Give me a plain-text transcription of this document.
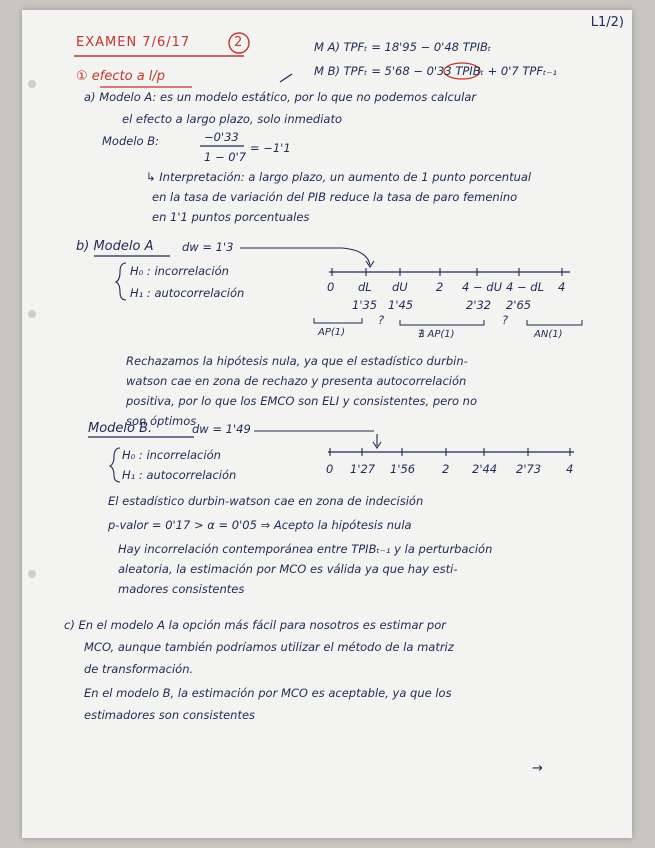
L1/2)
EXAMEN 7/6/17	2	M A) TPFₜ = 18'95 − 0'48 TPIBₜ
M B) TPFₜ = 5'68 − 0'33 TPIBₜ + 0'7 TPFₜ₋₁
① efecto a l/p
a) Modelo A: es un modelo estático, por lo que no podemos calcular
el efecto a largo plazo, solo inmediato
Modelo B:	−0'33
1 − 0'7
= −1'1
↳ Interpretación: a largo plazo, un aumento de 1 punto porcentual
en la tasa de variación del PIB reduce la tasa de paro femenino
en 1'1 puntos porcentuales
b) Modelo A dw = 1'3
H₀ : incorrelación
H₁ : autocorrelación	0 dL dU 2 4 − dU 4 − dL 4
1'35 1'45	2'32 2'65
AP(1)
?
∄ AP(1)
?
AN(1)
Rechazamos la hipótesis nula, ya que el estadístico durbin-
watson cae en zona de rechazo y presenta autocorrelación
positiva, por lo que los EMCO son ELI y consistentes, pero no
son óptimos
Modelo B.	dw = 1'49
H₀ : incorrelación
H₁ : autocorrelación	0 1'27 1'56 2 2'44 2'73 4
El estadístico durbin-watson cae en zona de indecisión
p-valor = 0'17 > α = 0'05 ⇒ Acepto la hipótesis nula
Hay incorrelación contemporánea entre TPIBₜ₋₁ y la perturbación
aleatoria, la estimación por MCO es válida ya que hay esti-
madores consistentes
c) En el modelo A la opción más fácil para nosotros es estimar por
MCO, aunque también podríamos utilizar el método de la matriz
de transformación.
En el modelo B, la estimación por MCO es aceptable, ya que los
estimadores son consistentes
→
